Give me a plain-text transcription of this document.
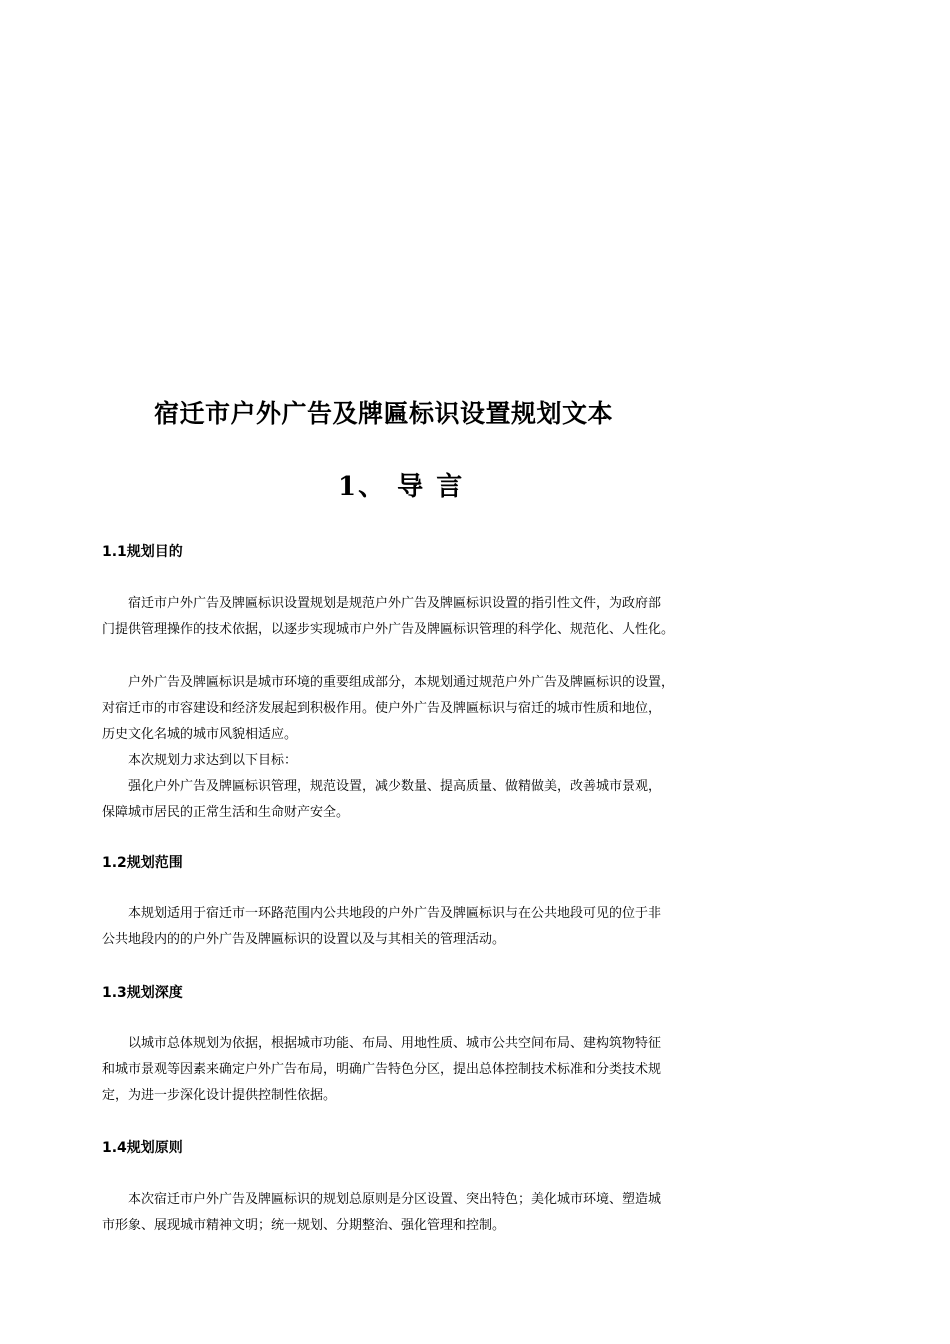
宿迁市户外广告及牌匾标识设置规划文本
1、 导 言
1.1规划目的
宿迁市户外广告及牌匾标识设置规划是规范户外广告及牌匾标识设置的指引性文件，为政府部
门提供管理操作的技术依据，以逐步实现城市户外广告及牌匾标识管理的科学化、规范化、人性化。
户外广告及牌匾标识是城市环境的重要组成部分，本规划通过规范户外广告及牌匾标识的设置，
对宿迁市的市容建设和经济发展起到积极作用。使户外广告及牌匾标识与宿迁的城市性质和地位，
历史文化名城的城市风貌相适应。
本次规划力求达到以下目标：
强化户外广告及牌匾标识管理，规范设置，减少数量、提高质量、做精做美，改善城市景观，
保障城市居民的正常生活和生命财产安全。
1.2规划范围
本规划适用于宿迁市一环路范围内公共地段的户外广告及牌匾标识与在公共地段可见的位于非
公共地段内的的户外广告及牌匾标识的设置以及与其相关的管理活动。
1.3规划深度
以城市总体规划为依据，根据城市功能、布局、用地性质、城市公共空间布局、建构筑物特征
和城市景观等因素来确定户外广告布局，明确广告特色分区，提出总体控制技术标准和分类技术规
定，为进一步深化设计提供控制性依据。
1.4规划原则
本次宿迁市户外广告及牌匾标识的规划总原则是分区设置、突出特色；美化城市环境、塑造城
市形象、展现城市精神文明；统一规划、分期整治、强化管理和控制。
